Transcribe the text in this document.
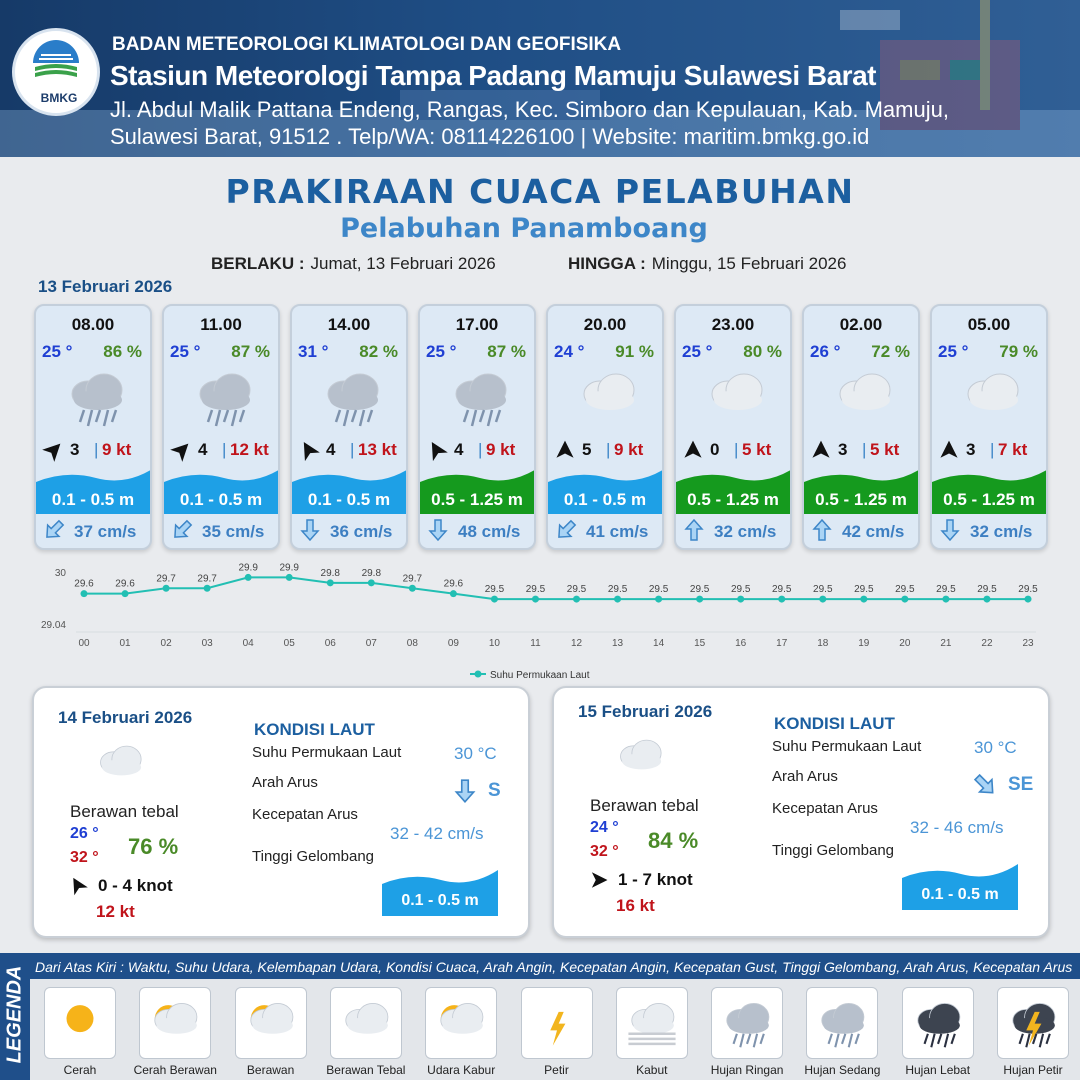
BMKG
BADAN METEOROLOGI KLIMATOLOGI DAN GEOFISIKA
Stasiun Meteorologi Tampa Padang Mamuju Sulawesi Barat
Jl. Abdul Malik Pattana Endeng, Rangas, Kec. Simboro dan Kepulauan, Kab. Mamuju,
Sulawesi Barat, 91512 . Telp/WA: 08114226100 | Website: maritim.bmkg.go.id
PRAKIRAAN CUACA PELABUHAN
Pelabuhan Panamboang
BERLAKU : Jumat, 13 Februari 2026	HINGGA : Minggu, 15 Februari 2026
13 Februari 2026
08.00
25 ° 86 %
3 | 9 kt
0.1 - 0.5 m
37 cm/s
11.00
25 ° 87 %
4 | 12 kt
0.1 - 0.5 m
35 cm/s
14.00
31 ° 82 %
4 | 13 kt
0.1 - 0.5 m
36 cm/s
17.00
25 ° 87 %
4 | 9 kt
0.5 - 1.25 m
48 cm/s
20.00
24 ° 91 %
5 | 9 kt
0.1 - 0.5 m
41 cm/s
23.00
25 ° 80 %
0 | 5 kt
0.5 - 1.25 m
32 cm/s
02.00
26 ° 72 %
3 | 5 kt
0.5 - 1.25 m
42 cm/s
05.00
25 ° 79 %
3 | 7 kt
0.5 - 1.25 m
32 cm/s
30
29.04
29.6
00
29.6
01
29.7
02
29.7
03
29.9
04
29.9
05
29.8
06
29.8
07
29.7
08
29.6
09
29.5
10
29.5
11
29.5
12
29.5
13
29.5
14
29.5
15
29.5
16
29.5
17
29.5
18
29.5
19
29.5
20
29.5
21
29.5
22
29.5
23
Suhu Permukaan Laut
14 Februari 2026
Berawan tebal
26 °
32 ° 76 %
0 - 4 knot
12 kt
KONDISI LAUT
Suhu Permukaan Laut	30 °C
Arah Arus	S
Kecepatan Arus
32 - 42 cm/s
Tinggi Gelombang
0.1 - 0.5 m
15 Februari 2026
Berawan tebal
24 °
32 ° 84 %
1 - 7 knot
16 kt
KONDISI LAUT
Suhu Permukaan Laut	30 °C
Arah Arus	SE
Kecepatan Arus
32 - 46 cm/s
Tinggi Gelombang
0.1 - 0.5 m
LEGENDA Dari Atas Kiri : Waktu, Suhu Udara, Kelembapan Udara, Kondisi Cuaca, Arah Angin, Kecepatan Angin, Kecepatan Gust, Tinggi Gelombang, Arah Arus, Kecepatan Arus
Cerah	Cerah Berawan	Berawan	Berawan Tebal	Udara Kabur	Petir	Kabut	Hujan Ringan	Hujan Sedang	Hujan Lebat	Hujan Petir
